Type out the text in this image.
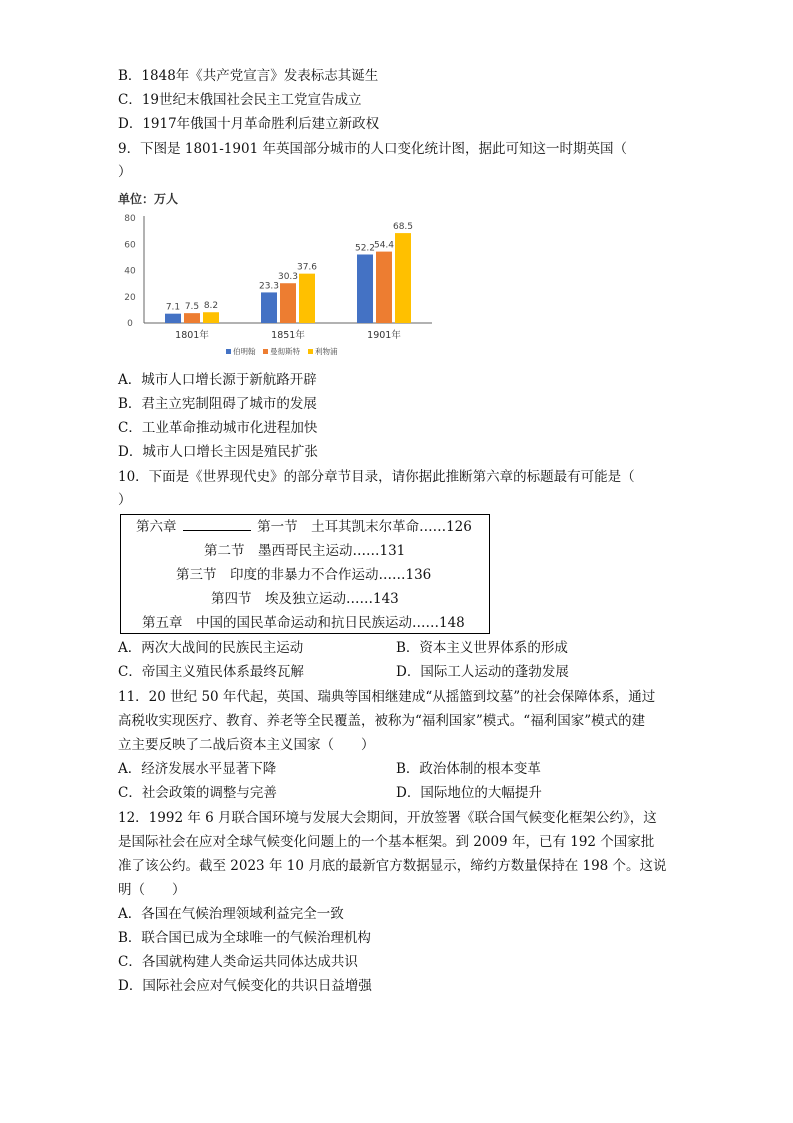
B．1848年《共产党宣言》发表标志其诞生
C．19世纪末俄国社会民主工党宣告成立
D．1917年俄国十月革命胜利后建立新政权
9．下图是 1801-1901 年英国部分城市的人口变化统计图，据此可知这一时期英国（
）
单位：万人
0
20
40
60
80
7.1 7.5 8.2
23.3
30.3
37.6
52.2
54.4
68.5
1801年	1851年	1901年
伯明翰 曼彻斯特 利物浦
A．城市人口增长源于新航路开辟
B．君主立宪制阻碍了城市的发展
C．工业革命推动城市化进程加快
D．城市人口增长主因是殖民扩张
10．下面是《世界现代史》的部分章节目录，请你据此推断第六章的标题最有可能是（
）
第六章	第一节　土耳其凯末尔革命……126
第二节　墨西哥民主运动……131
第三节　印度的非暴力不合作运动……136
第四节　埃及独立运动……143
第五章　中国的国民革命运动和抗日民族运动……148
A．两次大战间的民族民主运动	B．资本主义世界体系的形成
C．帝国主义殖民体系最终瓦解	D．国际工人运动的蓬勃发展
11．20 世纪 50 年代起，英国、瑞典等国相继建成“从摇篮到坟墓”的社会保障体系，通过
高税收实现医疗、教育、养老等全民覆盖，被称为“福利国家”模式。“福利国家”模式的建
立主要反映了二战后资本主义国家（　　）
A．经济发展水平显著下降	B．政治体制的根本变革
C．社会政策的调整与完善	D．国际地位的大幅提升
12．1992 年 6 月联合国环境与发展大会期间，开放签署《联合国气候变化框架公约》，这
是国际社会在应对全球气候变化问题上的一个基本框架。到 2009 年，已有 192 个国家批
准了该公约。截至 2023 年 10 月底的最新官方数据显示，缔约方数量保持在 198 个。这说
明（　　）
A．各国在气候治理领域利益完全一致
B．联合国已成为全球唯一的气候治理机构
C．各国就构建人类命运共同体达成共识
D．国际社会应对气候变化的共识日益增强
